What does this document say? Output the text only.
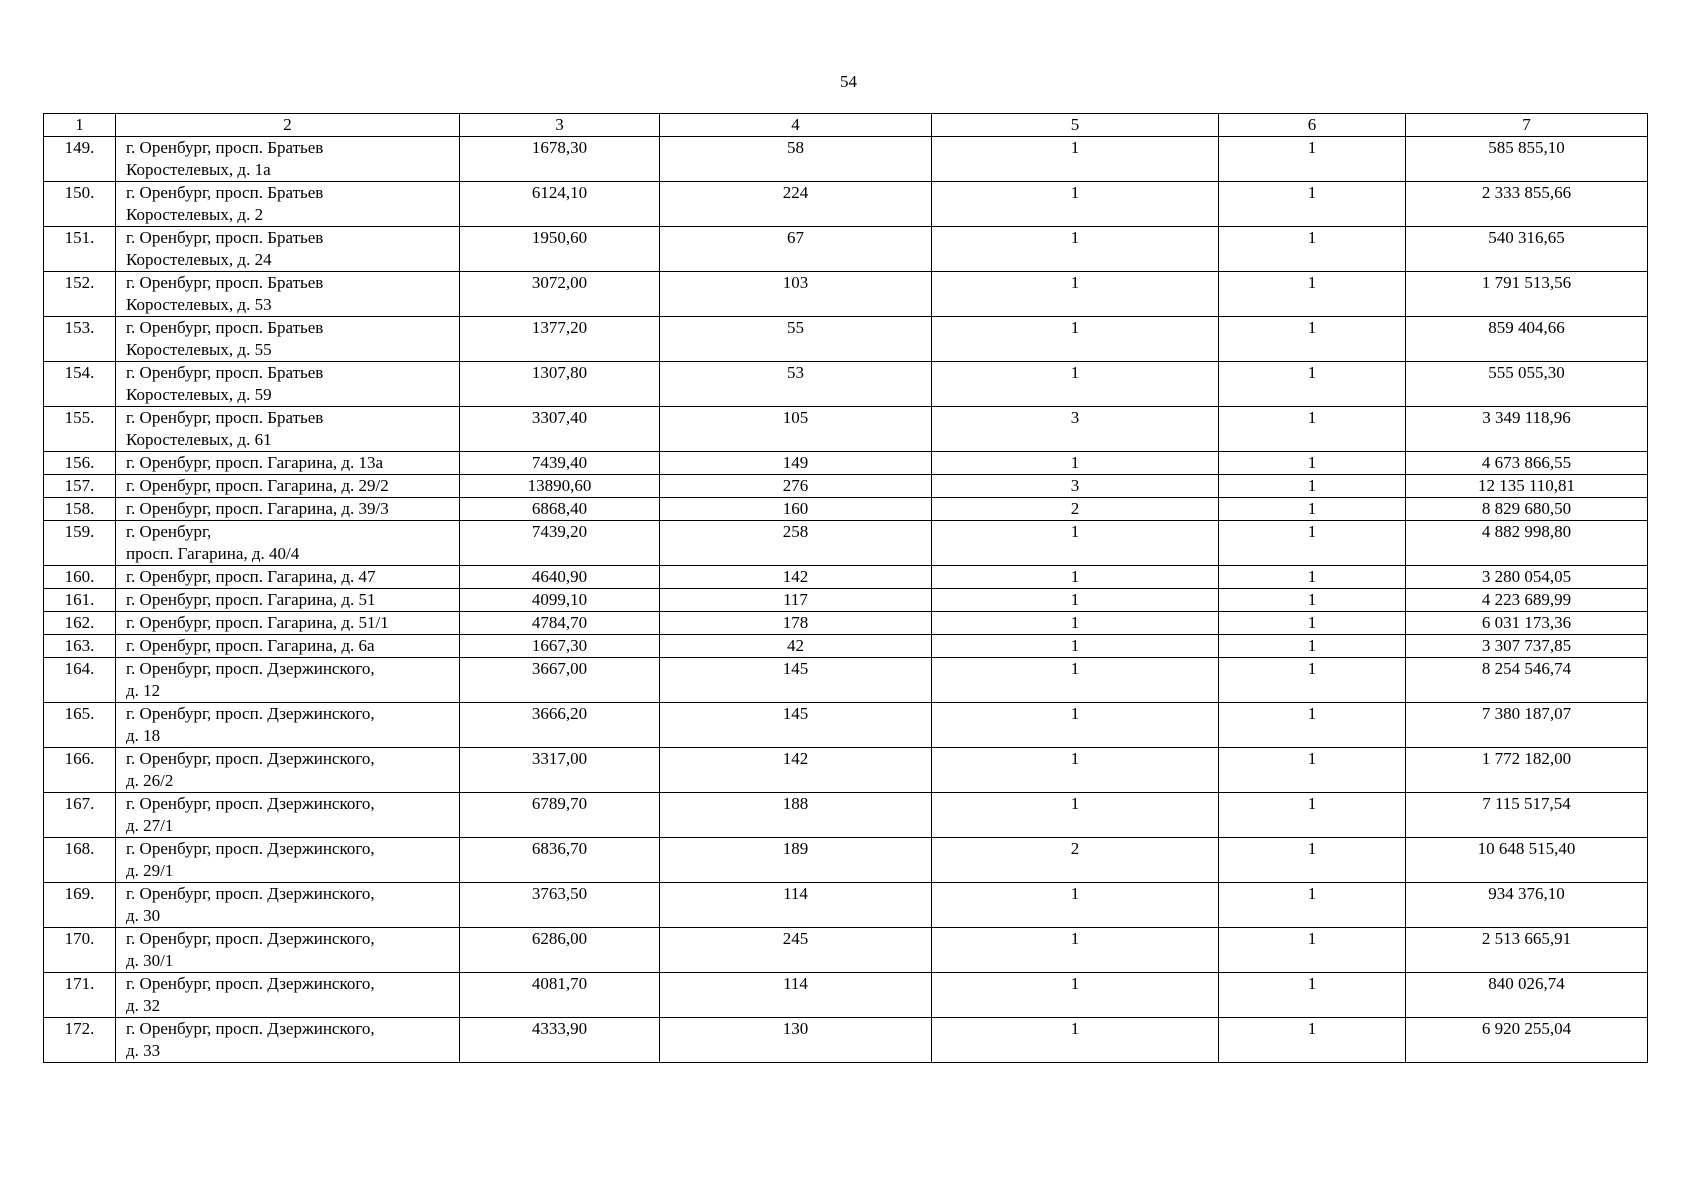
54
1	2	3	4	5	6	7
149.	г. Оренбург, просп. Братьев
Коростелевых, д. 1а	1678,30	58	1	1	585 855,10
150.	г. Оренбург, просп. Братьев
Коростелевых, д. 2	6124,10	224	1	1	2 333 855,66
151.	г. Оренбург, просп. Братьев
Коростелевых, д. 24	1950,60	67	1	1	540 316,65
152.	г. Оренбург, просп. Братьев
Коростелевых, д. 53	3072,00	103	1	1	1 791 513,56
153.	г. Оренбург, просп. Братьев
Коростелевых, д. 55	1377,20	55	1	1	859 404,66
154.	г. Оренбург, просп. Братьев
Коростелевых, д. 59	1307,80	53	1	1	555 055,30
155.	г. Оренбург, просп. Братьев
Коростелевых, д. 61	3307,40	105	3	1	3 349 118,96
156.	г. Оренбург, просп. Гагарина, д. 13а	7439,40	149	1	1	4 673 866,55
157.	г. Оренбург, просп. Гагарина, д. 29/2	13890,60	276	3	1	12 135 110,81
158.	г. Оренбург, просп. Гагарина, д. 39/3	6868,40	160	2	1	8 829 680,50
159.	г. Оренбург,
просп. Гагарина, д. 40/4	7439,20	258	1	1	4 882 998,80
160.	г. Оренбург, просп. Гагарина, д. 47	4640,90	142	1	1	3 280 054,05
161.	г. Оренбург, просп. Гагарина, д. 51	4099,10	117	1	1	4 223 689,99
162.	г. Оренбург, просп. Гагарина, д. 51/1	4784,70	178	1	1	6 031 173,36
163.	г. Оренбург, просп. Гагарина, д. 6а	1667,30	42	1	1	3 307 737,85
164.	г. Оренбург, просп. Дзержинского,
д. 12	3667,00	145	1	1	8 254 546,74
165.	г. Оренбург, просп. Дзержинского,
д. 18	3666,20	145	1	1	7 380 187,07
166.	г. Оренбург, просп. Дзержинского,
д. 26/2	3317,00	142	1	1	1 772 182,00
167.	г. Оренбург, просп. Дзержинского,
д. 27/1	6789,70	188	1	1	7 115 517,54
168.	г. Оренбург, просп. Дзержинского,
д. 29/1	6836,70	189	2	1	10 648 515,40
169.	г. Оренбург, просп. Дзержинского,
д. 30	3763,50	114	1	1	934 376,10
170.	г. Оренбург, просп. Дзержинского,
д. 30/1	6286,00	245	1	1	2 513 665,91
171.	г. Оренбург, просп. Дзержинского,
д. 32	4081,70	114	1	1	840 026,74
172.	г. Оренбург, просп. Дзержинского,
д. 33	4333,90	130	1	1	6 920 255,04
